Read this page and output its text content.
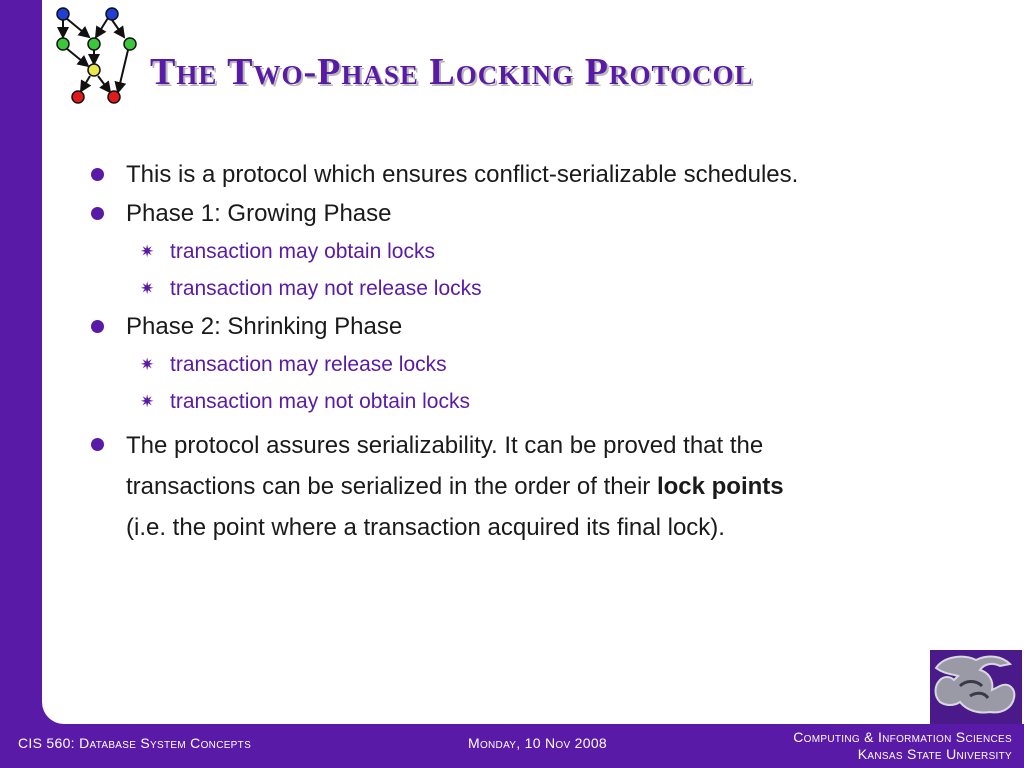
The Two-Phase Locking Protocol
This is a protocol which ensures conflict-serializable schedules.
Phase 1: Growing Phase
✷ transaction may obtain locks
✷ transaction may not release locks
Phase 2: Shrinking Phase
✷ transaction may release locks
✷ transaction may not obtain locks
The protocol assures serializability. It can be proved that the
transactions can be serialized in the order of their lock points
(i.e. the point where a transaction acquired its final lock).
CIS 560: Database System Concepts	Monday, 10 Nov 2008	Computing & Information Sciences
Kansas State University
